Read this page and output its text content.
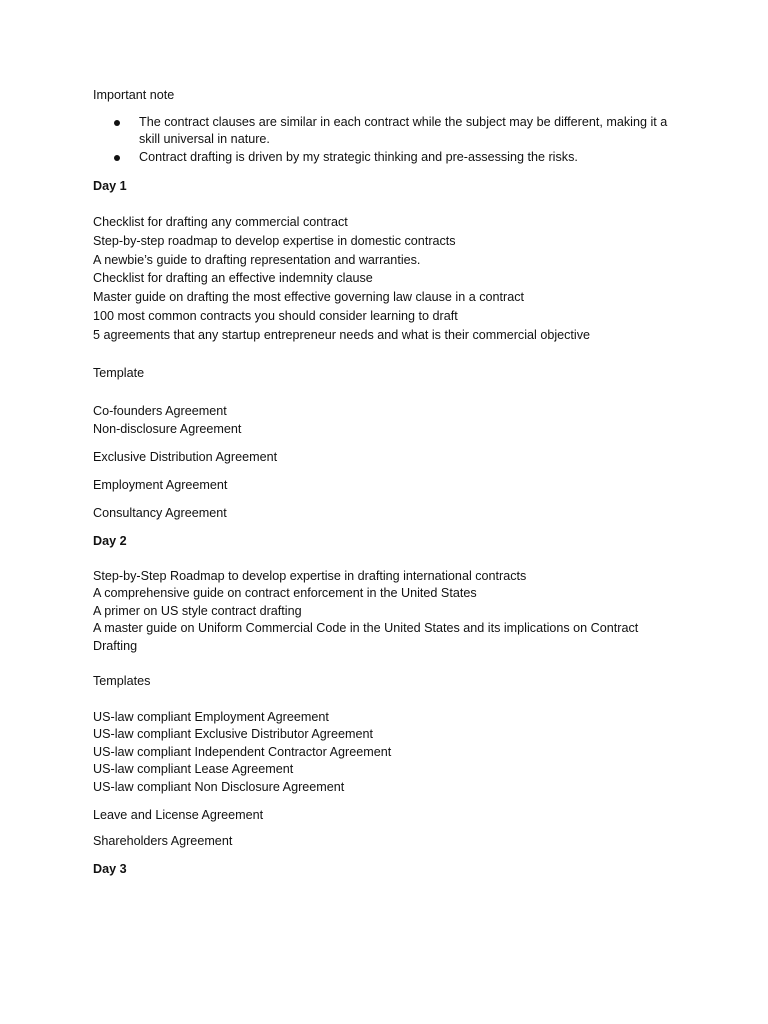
Important note

The contract clauses are similar in each contract while the subject may be different, making it a skill universal in nature.

Contract drafting is driven by my strategic thinking and pre-assessing the risks.

Day 1

Checklist for drafting any commercial contract

Step-by-step roadmap to develop expertise in domestic contracts

A newbie’s guide to drafting representation and warranties.

Checklist for drafting an effective indemnity clause

Master guide on drafting the most effective governing law clause in a contract

100 most common contracts you should consider learning to draft

5 agreements that any startup entrepreneur needs and what is their commercial objective

Template

Co-founders Agreement

Non-disclosure Agreement

Exclusive Distribution Agreement

Employment Agreement

Consultancy Agreement

Day 2

Step-by-Step Roadmap to develop expertise in drafting international contracts

A comprehensive guide on contract enforcement in the United States

A primer on US style contract drafting

A master guide on Uniform Commercial Code in the United States and its implications on Contract Drafting

Templates

US-law compliant Employment Agreement

US-law compliant Exclusive Distributor Agreement

US-law compliant Independent Contractor Agreement

US-law compliant Lease Agreement

US-law compliant Non Disclosure Agreement

Leave and License Agreement

Shareholders Agreement

Day 3
